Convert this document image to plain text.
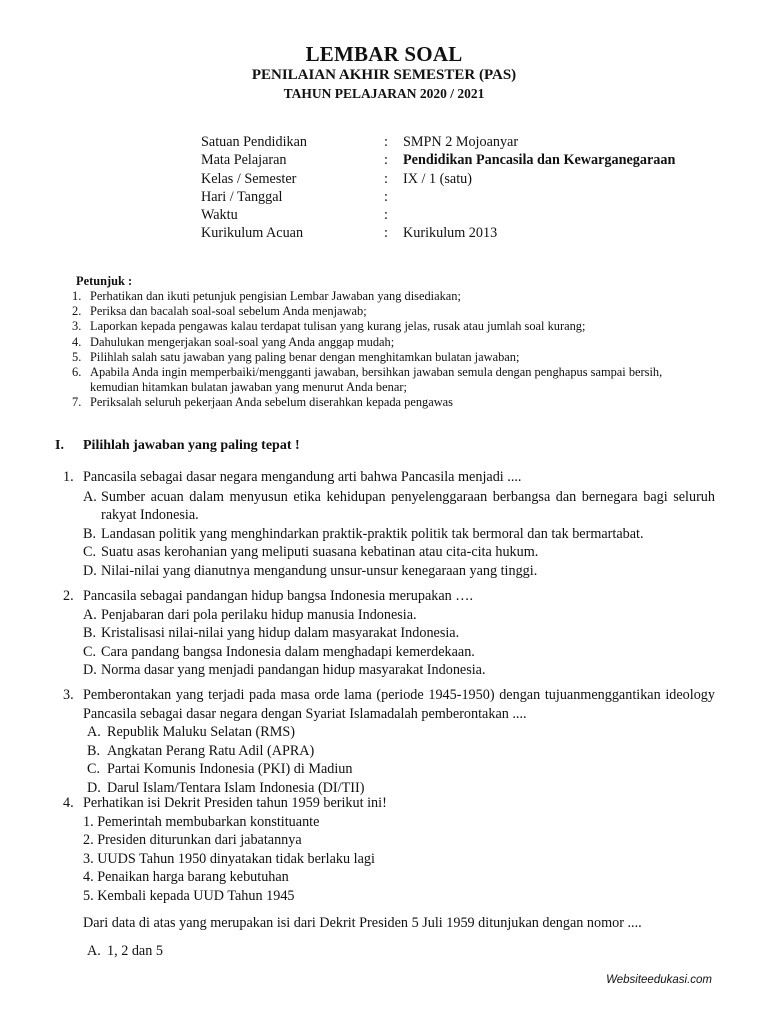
LEMBAR SOAL
PENILAIAN AKHIR SEMESTER (PAS)
TAHUN PELAJARAN 2020 / 2021
Satuan Pendidikan	: SMPN 2 Mojoanyar
Mata Pelajaran	: Pendidikan Pancasila dan Kewarganegaraan
Kelas / Semester	: IX / 1 (satu)
Hari / Tanggal	:
Waktu	:
Kurikulum Acuan	: Kurikulum 2013
Petunjuk :
1. Perhatikan dan ikuti petunjuk pengisian Lembar Jawaban yang disediakan;
2. Periksa dan bacalah soal-soal sebelum Anda menjawab;
3. Laporkan kepada pengawas kalau terdapat tulisan yang kurang jelas, rusak atau jumlah soal kurang;
4. Dahulukan mengerjakan soal-soal yang Anda anggap mudah;
5. Pilihlah salah satu jawaban yang paling benar dengan menghitamkan bulatan jawaban;
6. Apabila Anda ingin memperbaiki/mengganti jawaban, bersihkan jawaban semula dengan penghapus sampai bersih, kemudian hitamkan bulatan jawaban yang menurut Anda benar;
7. Periksalah seluruh pekerjaan Anda sebelum diserahkan kepada pengawas
I. Pilihlah jawaban yang paling tepat !
1. Pancasila sebagai dasar negara mengandung arti bahwa Pancasila menjadi ....
A. Sumber acuan dalam menyusun etika kehidupan penyelenggaraan berbangsa dan bernegara bagi seluruh rakyat Indonesia.
B. Landasan politik yang menghindarkan praktik-praktik politik tak bermoral dan tak bermartabat.
C. Suatu asas kerohanian yang meliputi suasana kebatinan atau cita-cita hukum.
D. Nilai-nilai yang dianutnya mengandung unsur-unsur kenegaraan yang tinggi.
2. Pancasila sebagai pandangan hidup bangsa Indonesia merupakan ….
A. Penjabaran dari pola perilaku hidup manusia Indonesia.
B. Kristalisasi nilai-nilai yang hidup dalam masyarakat Indonesia.
C. Cara pandang bangsa Indonesia dalam menghadapi kemerdekaan.
D. Norma dasar yang menjadi pandangan hidup masyarakat Indonesia.
3. Pemberontakan yang terjadi pada masa orde lama (periode 1945-1950) dengan tujuanmenggantikan ideology Pancasila sebagai dasar negara dengan Syariat Islamadalah pemberontakan ....
A. Republik Maluku Selatan (RMS)
B. Angkatan Perang Ratu Adil (APRA)
C. Partai Komunis Indonesia (PKI) di Madiun
D. Darul Islam/Tentara Islam Indonesia (DI/TII)
4. Perhatikan isi Dekrit Presiden tahun 1959 berikut ini!
1. Pemerintah membubarkan konstituante
2. Presiden diturunkan dari jabatannya
3. UUDS Tahun 1950 dinyatakan tidak berlaku lagi
4. Penaikan harga barang kebutuhan
5. Kembali kepada UUD Tahun 1945
Dari data di atas yang merupakan isi dari Dekrit Presiden 5 Juli 1959 ditunjukan dengan nomor ....
A. 1, 2 dan 5
Websiteedukasi.com
